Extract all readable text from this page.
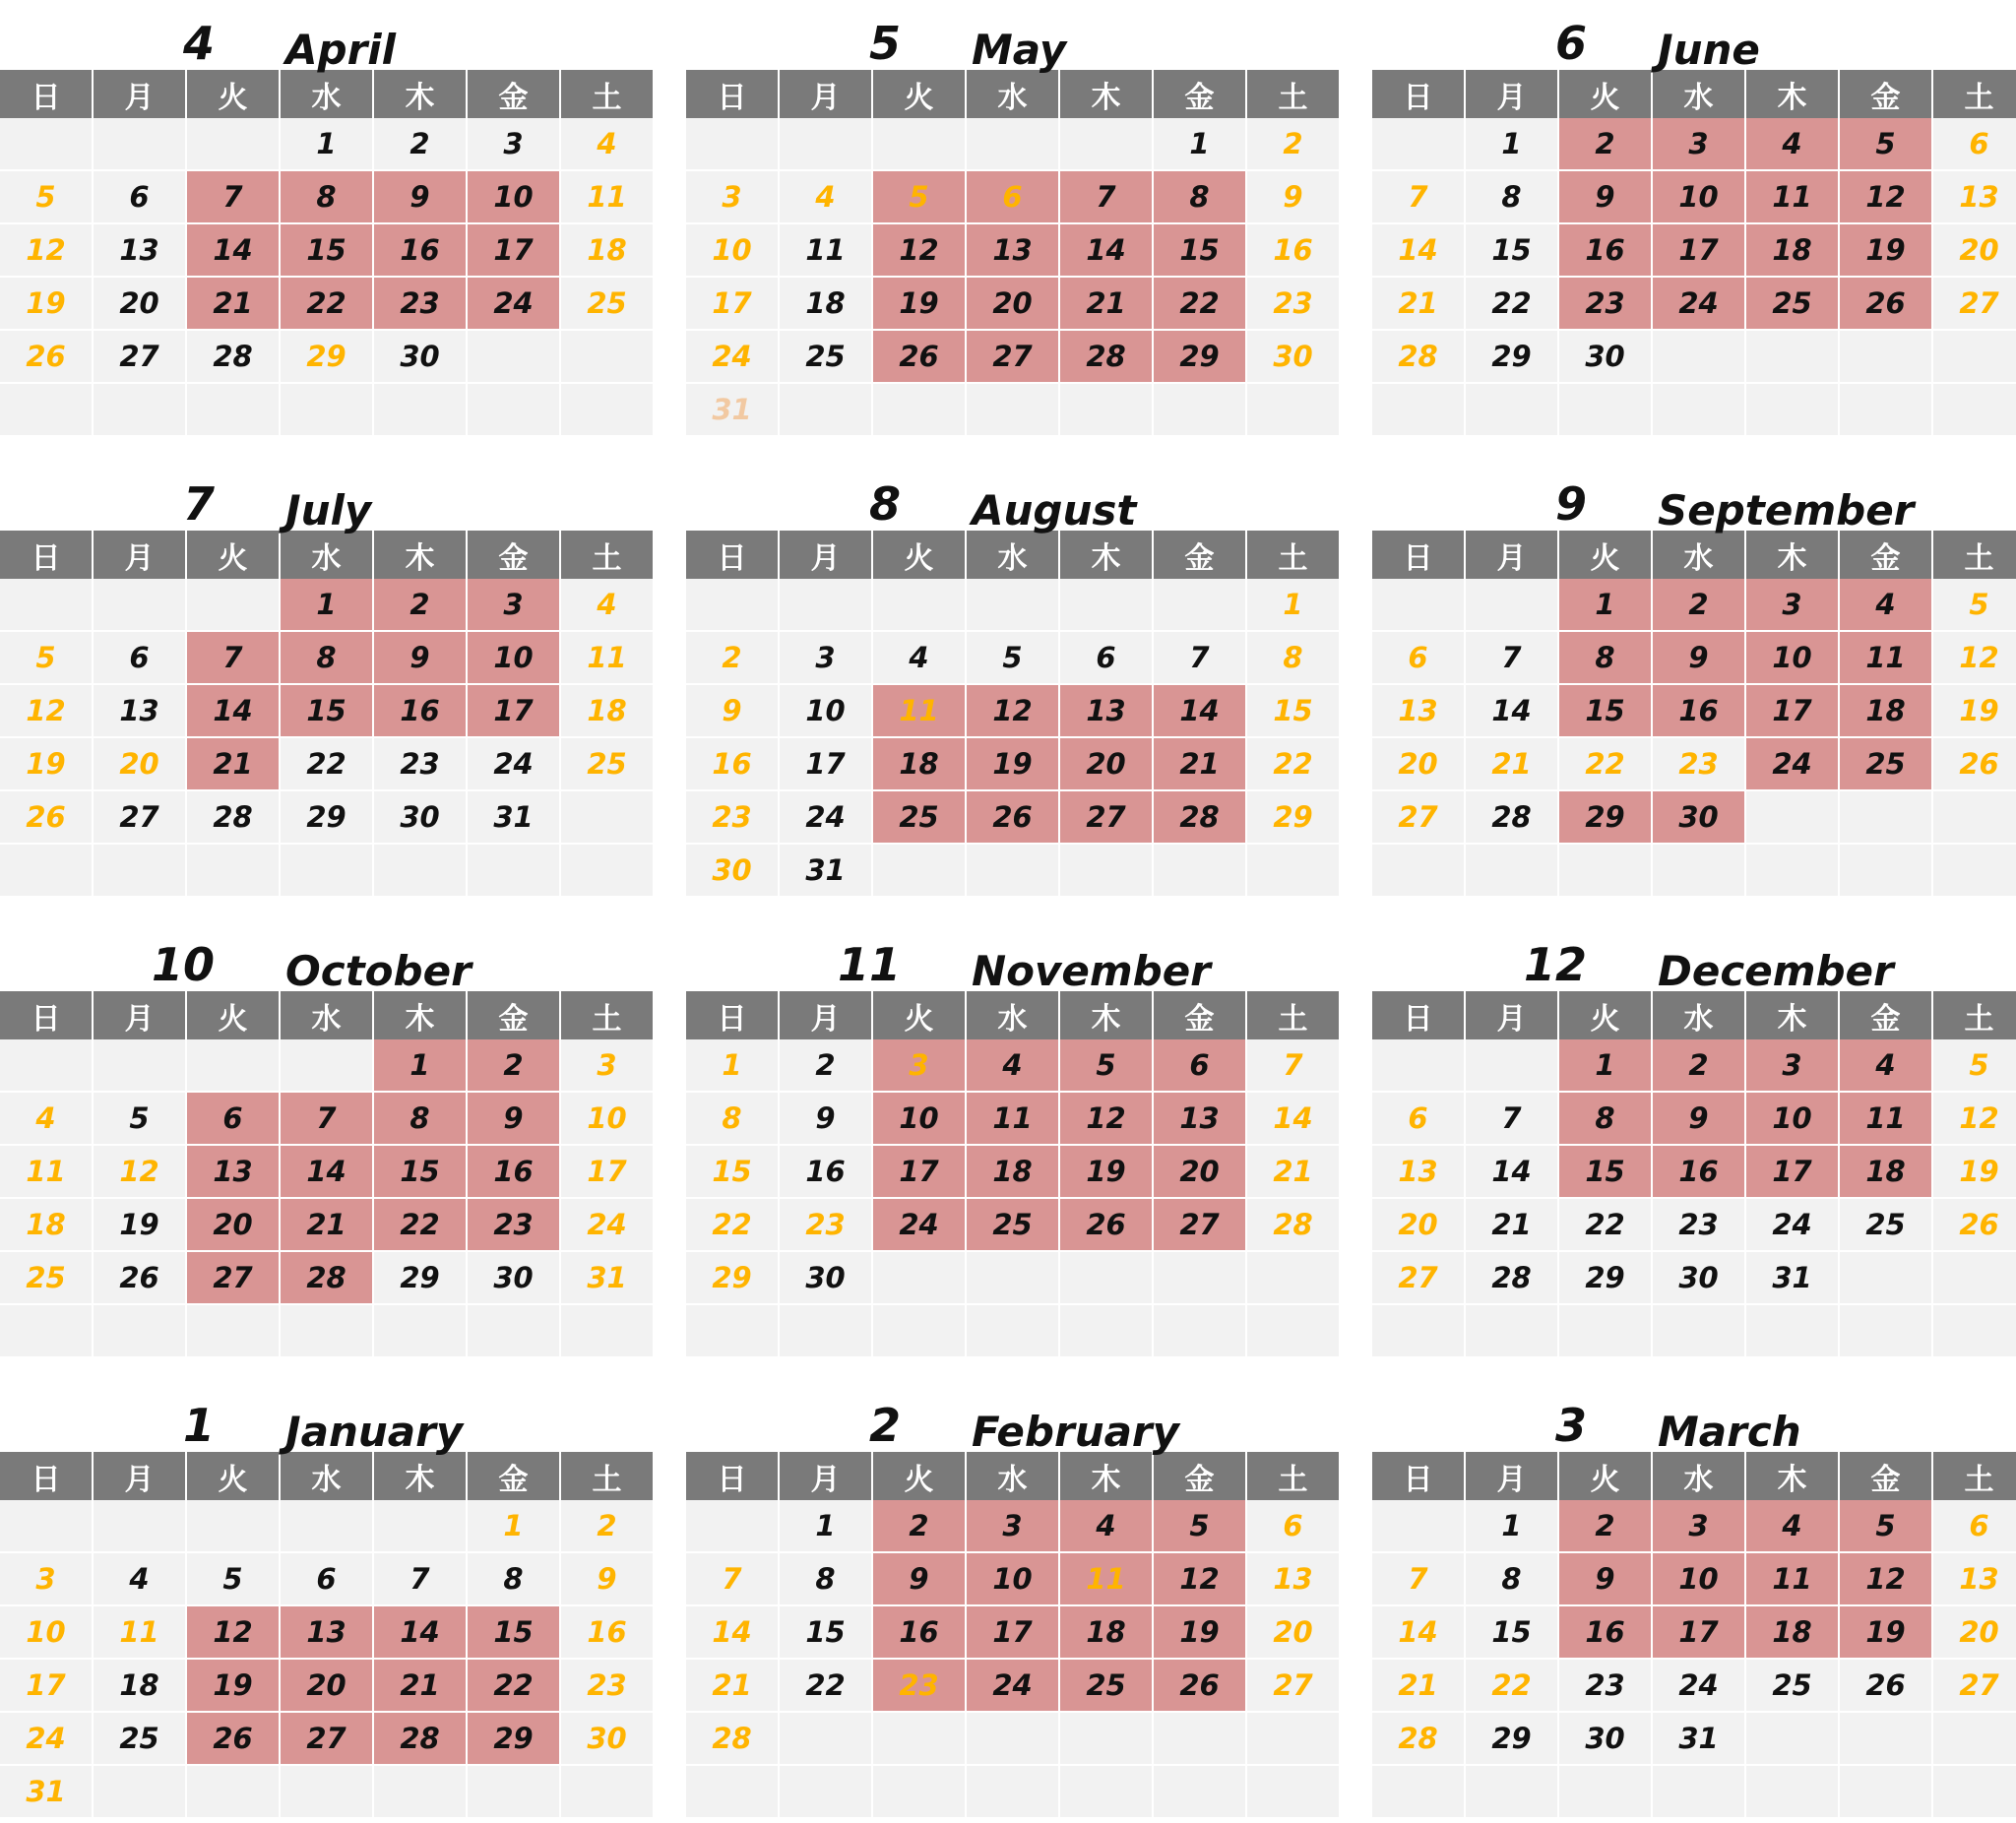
4 April
日	月	火	水	木	金	土
			1	2	3	4
5	6	7	8	9	10	11
12	13	14	15	16	17	18
19	20	21	22	23	24	25
26	27	28	29	30		

5 May
日	月	火	水	木	金	土
					1	2
3	4	5	6	7	8	9
10	11	12	13	14	15	16
17	18	19	20	21	22	23
24	25	26	27	28	29	30
31						
6 June
日	月	火	水	木	金	土
	1	2	3	4	5	6
7	8	9	10	11	12	13
14	15	16	17	18	19	20
21	22	23	24	25	26	27
28	29	30				

7 July
日	月	火	水	木	金	土
			1	2	3	4
5	6	7	8	9	10	11
12	13	14	15	16	17	18
19	20	21	22	23	24	25
26	27	28	29	30	31	

8 August
日	月	火	水	木	金	土
						1
2	3	4	5	6	7	8
9	10	11	12	13	14	15
16	17	18	19	20	21	22
23	24	25	26	27	28	29
30	31					
9 September
日	月	火	水	木	金	土
		1	2	3	4	5
6	7	8	9	10	11	12
13	14	15	16	17	18	19
20	21	22	23	24	25	26
27	28	29	30			

10 October
日	月	火	水	木	金	土
				1	2	3
4	5	6	7	8	9	10
11	12	13	14	15	16	17
18	19	20	21	22	23	24
25	26	27	28	29	30	31

11 November
日	月	火	水	木	金	土
1	2	3	4	5	6	7
8	9	10	11	12	13	14
15	16	17	18	19	20	21
22	23	24	25	26	27	28
29	30					

12 December
日	月	火	水	木	金	土
		1	2	3	4	5
6	7	8	9	10	11	12
13	14	15	16	17	18	19
20	21	22	23	24	25	26
27	28	29	30	31		

1 January
日	月	火	水	木	金	土
					1	2
3	4	5	6	7	8	9
10	11	12	13	14	15	16
17	18	19	20	21	22	23
24	25	26	27	28	29	30
31						
2 February
日	月	火	水	木	金	土
	1	2	3	4	5	6
7	8	9	10	11	12	13
14	15	16	17	18	19	20
21	22	23	24	25	26	27
28						

3 March
日	月	火	水	木	金	土
	1	2	3	4	5	6
7	8	9	10	11	12	13
14	15	16	17	18	19	20
21	22	23	24	25	26	27
28	29	30	31			
